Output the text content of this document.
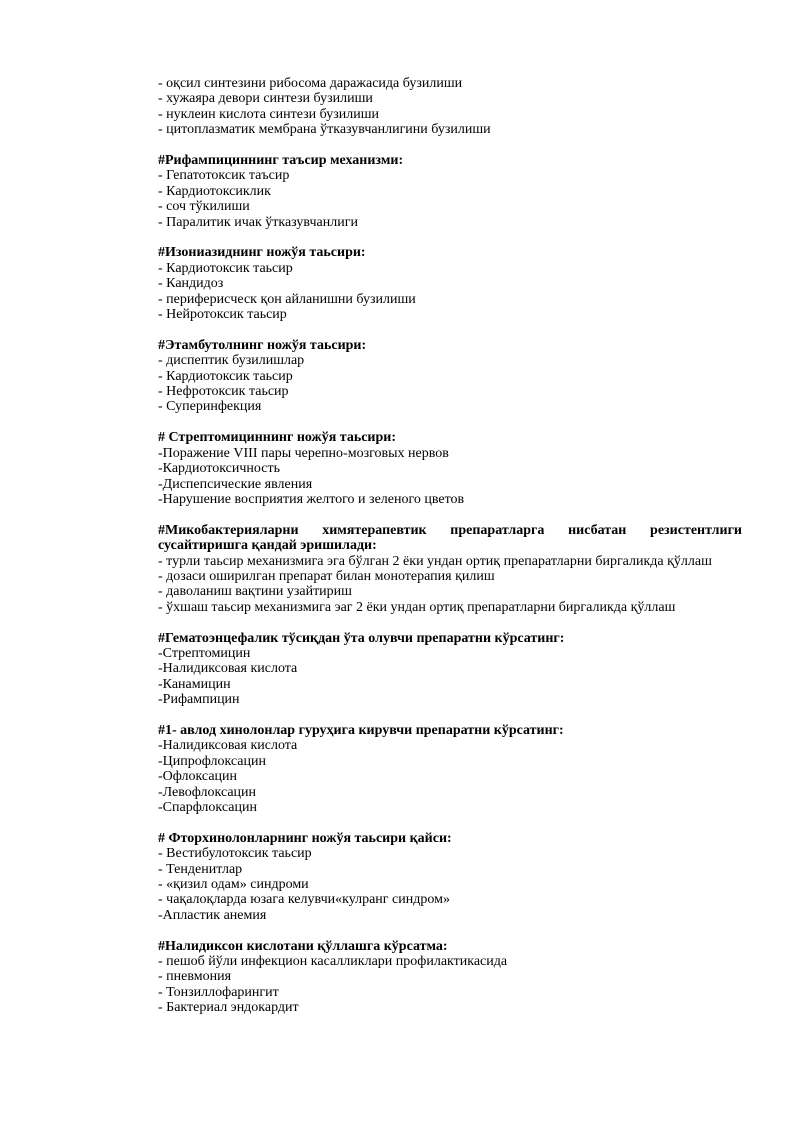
- оқсил синтезини рибосома даражасида бузилиши
- хужаяра девори синтези бузилиши
- нуклеин кислота синтези бузилиши
- цитоплазматик мембрана ўтказувчанлигини бузилиши
#Рифампициннинг таъсир механизми:
- Гепатотоксик таъсир
- Кардиотоксиклик
- соч тўкилиши
- Паралитик ичак ўтказувчанлиги
#Изониазиднинг ножўя таьсири:
- Кардиотоксик таьсир
- Кандидоз
- перифериcческ қон айланишни бузилиши
- Нейротоксик таьсир
#Этамбутолнинг ножўя таьсири:
- диспептик бузилишлар
- Кардиотоксик таьсир
- Нефротоксик таьсир
- Суперинфекция
# Стрептомициннинг ножўя таьсири:
-Поражение VIII пары черепно-мозговых нервов
-Кардиотоксичность
-Диспепсические явления
-Нарушение восприятия желтого и зеленого цветов
#Микобактерияларни химятерапевтик препаратларга нисбатан резистентлиги сусайтиришга қандай эришилади:
- турли таьсир механизмига эга бўлган 2 ёки ундан ортиқ препаратларни биргаликда қўллаш
- дозаси оширилган препарат билан монотерапия қилиш
- даволаниш вақтини узайтириш
- ўхшаш таьсир механизмига эаг 2 ёки ундан ортиқ препаратларни биргаликда қўллаш
#Гематоэнцефалик тўсиқдан ўта олувчи препаратни кўрсатинг:
-Стрептомицин
-Налидиксовая кислота
-Канамицин
-Рифампицин
#1- авлод хинолонлар гуруҳига кирувчи препаратни кўрсатинг:
-Налидиксовая кислота
-Ципрофлоксацин
-Офлоксацин
-Левофлоксацин
-Спарфлоксацин
# Фторхинолонларнинг ножўя таьсири қайси:
- Вестибулотоксик таьсир
- Тенденитлар
- «қизил одам» синдроми
- чақалоқларда юзага келувчи«кулранг синдром»
-Апластик анемия
#Налидиксон кислотани қўллашга кўрсатма:
- пешоб йўли инфекцион касалликлари профилактикасида
- пневмония
- Тонзиллофарингит
- Бактериал эндокардит
